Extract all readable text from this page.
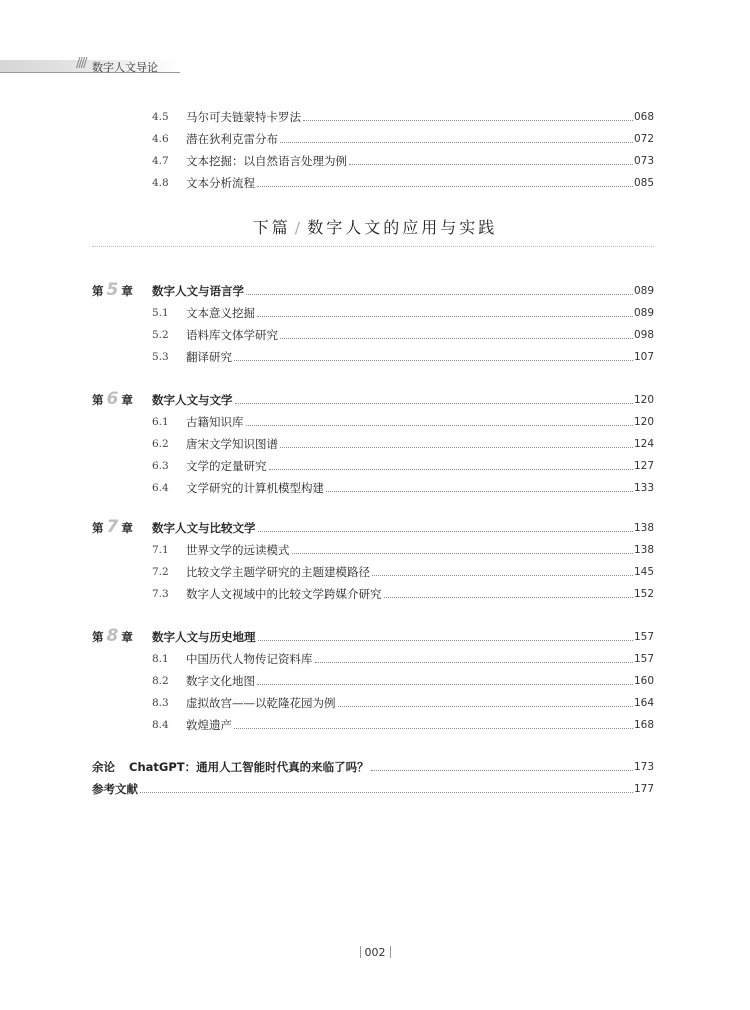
//// 数字人文导论
4.5	马尔可夫链蒙特卡罗法	068
4.6	潜在狄利克雷分布	072
4.7	文本挖掘：以自然语言处理为例	073
4.8	文本分析流程	085
下篇 / 数字人文的应用与实践
第 5 章	数字人文与语言学	089
5.1	文本意义挖掘	089
5.2	语料库文体学研究	098
5.3	翻译研究	107
第 6 章	数字人文与文学	120
6.1	古籍知识库	120
6.2	唐宋文学知识图谱	124
6.3	文学的定量研究	127
6.4	文学研究的计算机模型构建	133
第 7 章	数字人文与比较文学	138
7.1	世界文学的远读模式	138
7.2	比较文学主题学研究的主题建模路径	145
7.3	数字人文视域中的比较文学跨媒介研究	152
第 8 章	数字人文与历史地理	157
8.1	中国历代人物传记资料库	157
8.2	数字文化地图	160
8.3	虚拟故宫——以乾隆花园为例	164
8.4	敦煌遗产	168
余论 ChatGPT：通用人工智能时代真的来临了吗？	173
参考文献	177
002
